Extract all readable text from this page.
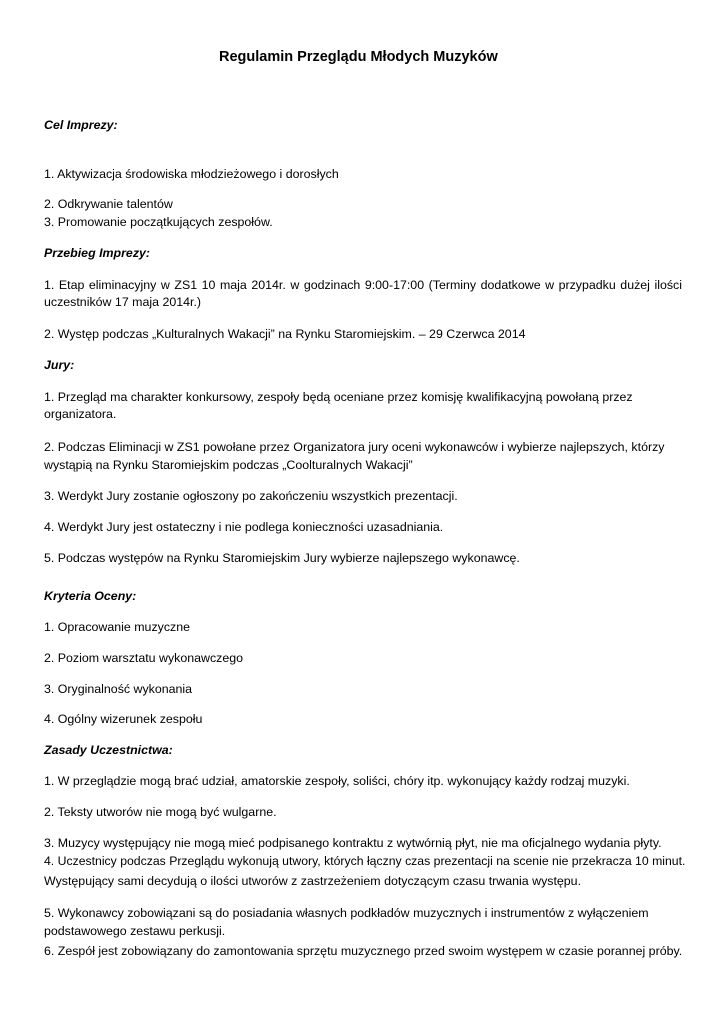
Regulamin Przeglądu Młodych Muzyków
Cel Imprezy:
1. Aktywizacja środowiska młodzieżowego i dorosłych
2. Odkrywanie talentów
3. Promowanie początkujących zespołów.
Przebieg Imprezy:
1. Etap eliminacyjny w ZS1 10 maja 2014r. w godzinach 9:00-17:00 (Terminy dodatkowe w przypadku dużej ilości
uczestników 17 maja 2014r.)
2. Występ podczas „Kulturalnych Wakacji” na Rynku Staromiejskim. – 29 Czerwca 2014
Jury:
1. Przegląd ma charakter konkursowy, zespoły będą oceniane przez komisję kwalifikacyjną powołaną przez
organizatora.
2. Podczas Eliminacji w ZS1 powołane przez Organizatora jury oceni wykonawców i wybierze najlepszych, którzy
wystąpią na Rynku Staromiejskim podczas „Coolturalnych Wakacji”
3. Werdykt Jury zostanie ogłoszony po zakończeniu wszystkich prezentacji.
4. Werdykt Jury jest ostateczny i nie podlega konieczności uzasadniania.
5. Podczas występów na Rynku Staromiejskim Jury wybierze najlepszego wykonawcę.
Kryteria Oceny:
1. Opracowanie muzyczne
2. Poziom warsztatu wykonawczego
3. Oryginalność wykonania
4. Ogólny wizerunek zespołu
Zasady Uczestnictwa:
1. W przeglądzie mogą brać udział, amatorskie zespoły, soliści, chóry itp. wykonujący każdy rodzaj muzyki.
2. Teksty utworów nie mogą być wulgarne.
3. Muzycy występujący nie mogą mieć podpisanego kontraktu z wytwórnią płyt, nie ma oficjalnego wydania płyty.
4. Uczestnicy podczas Przeglądu wykonują utwory, których łączny czas prezentacji na scenie nie przekracza 10 minut.
Występujący sami decydują o ilości utworów z zastrzeżeniem dotyczącym czasu trwania występu.
5. Wykonawcy zobowiązani są do posiadania własnych podkładów muzycznych i instrumentów z wyłączeniem
podstawowego zestawu perkusji.
6. Zespół jest zobowiązany do zamontowania sprzętu muzycznego przed swoim występem w czasie porannej próby.
